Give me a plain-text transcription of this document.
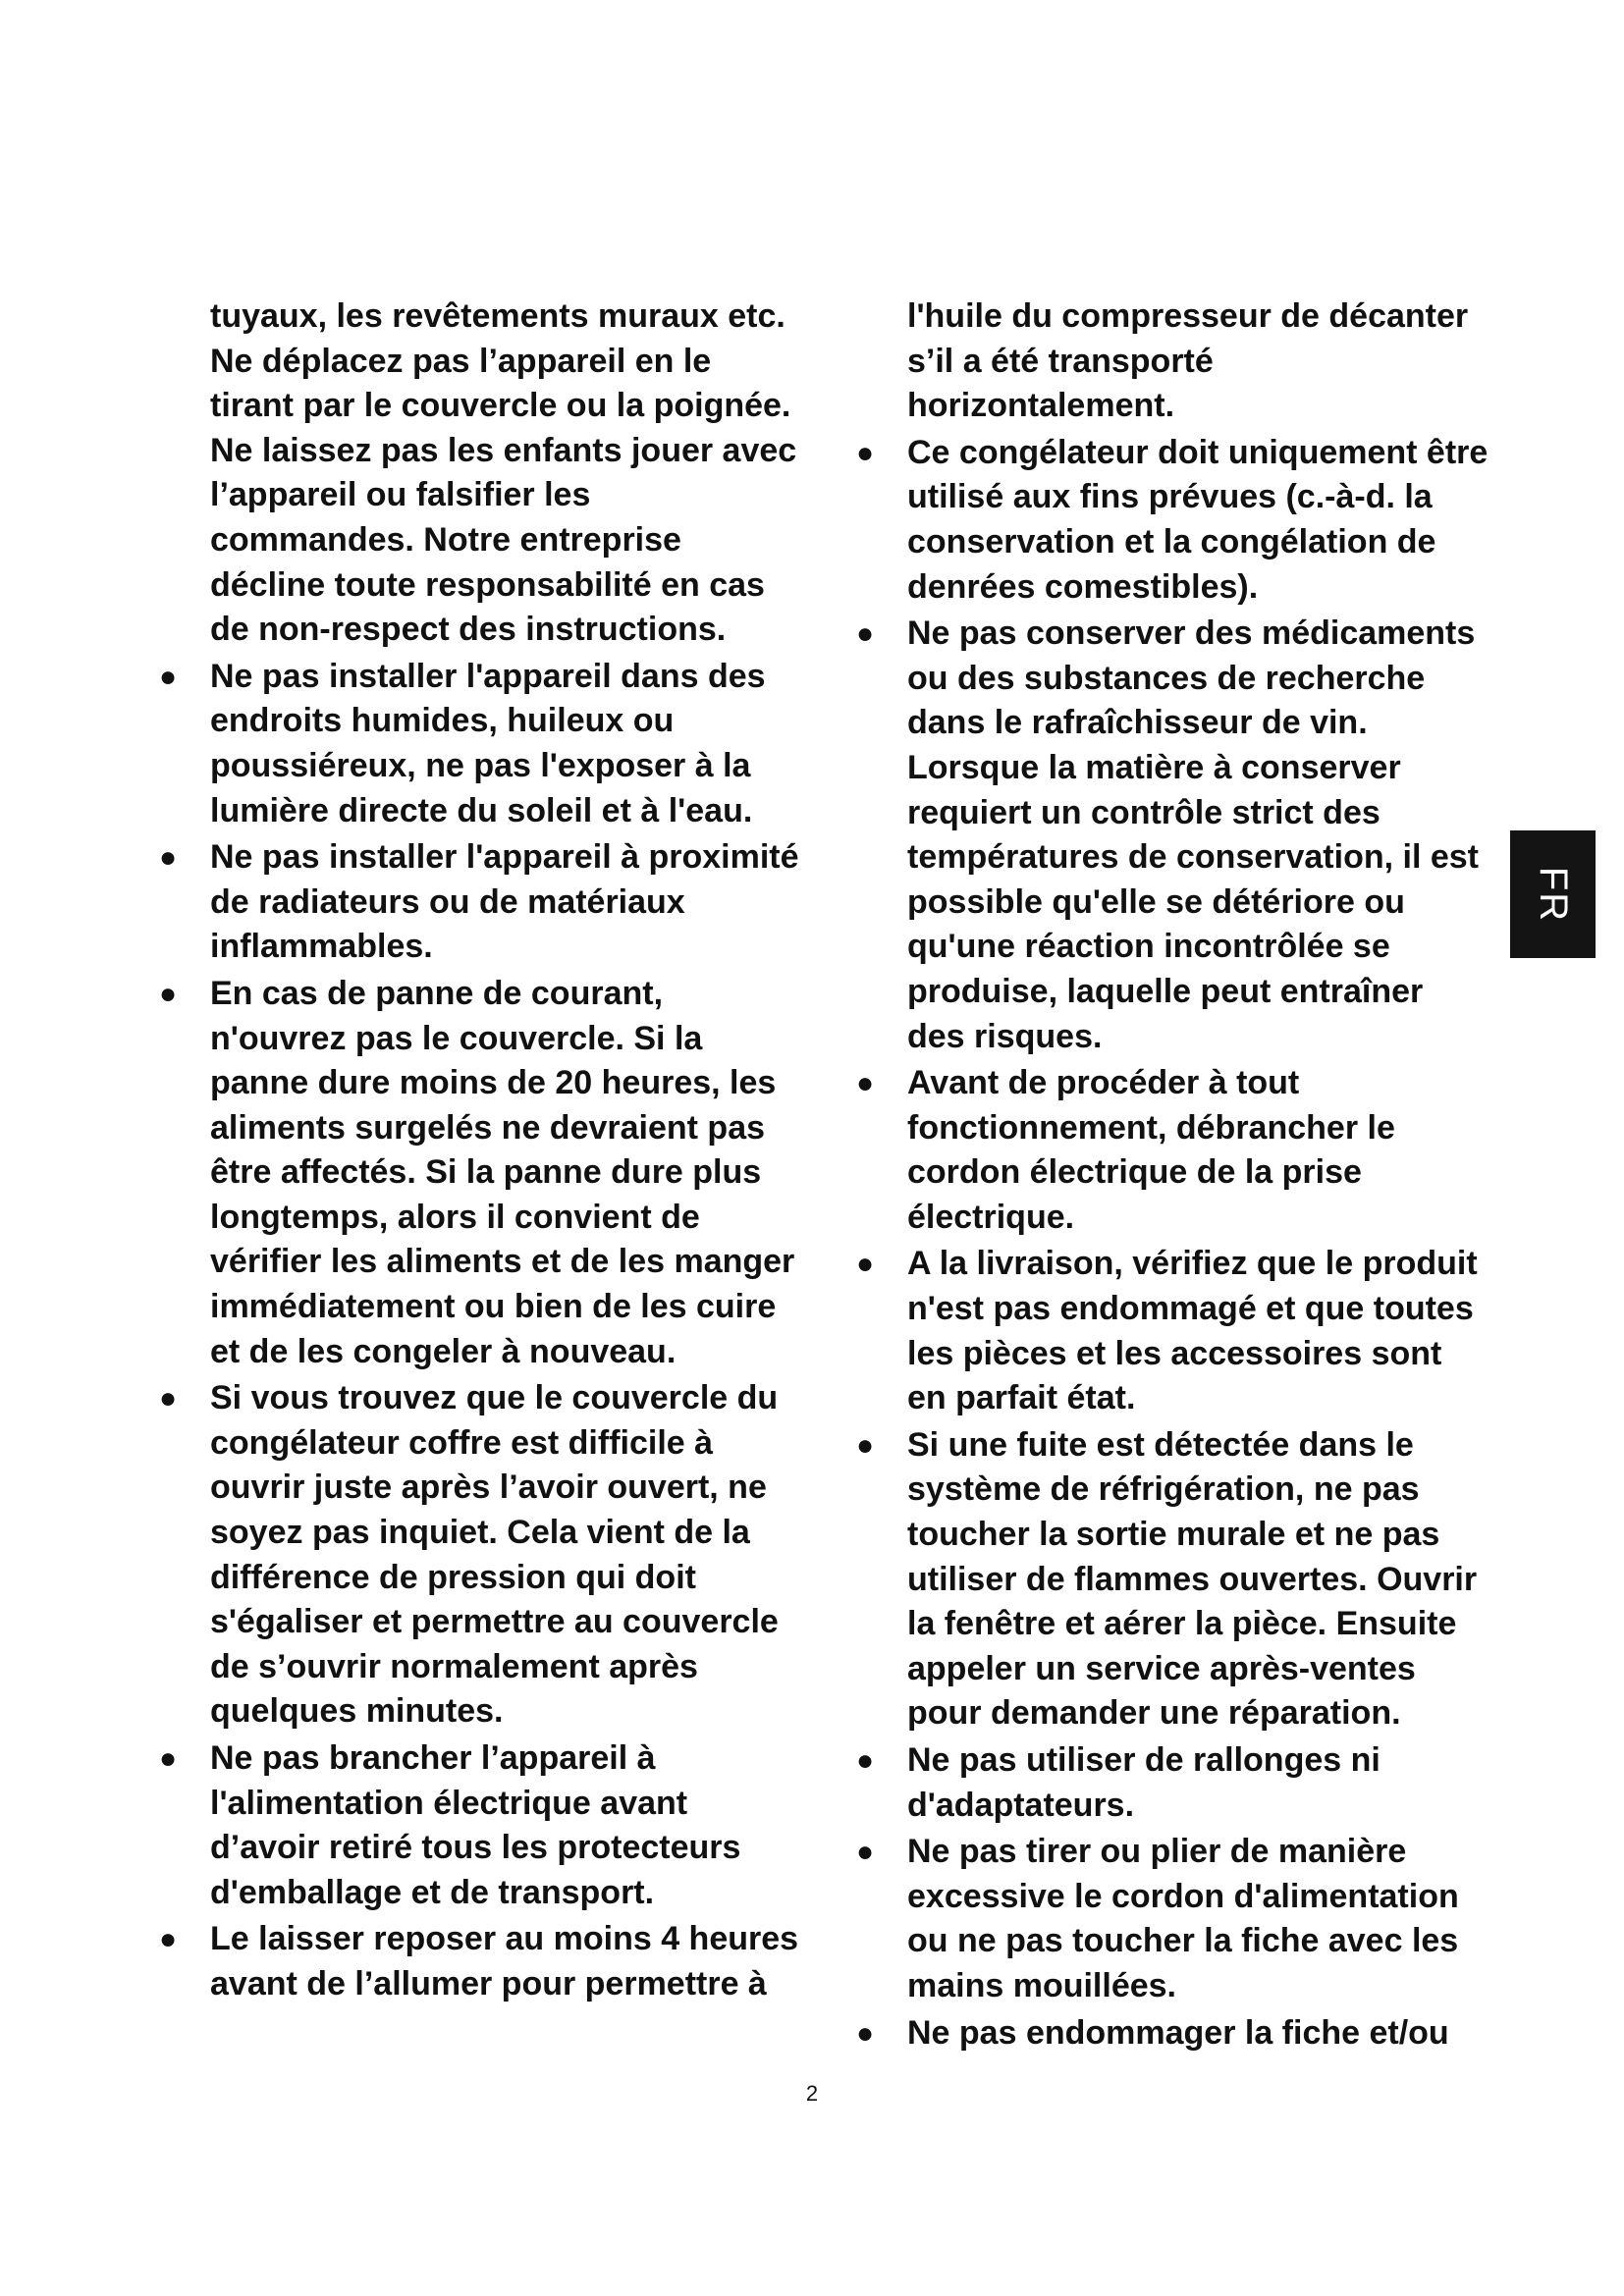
tuyaux, les revêtements muraux etc. Ne déplacez pas l’appareil en le tirant par le couvercle ou la poignée. Ne laissez pas les enfants jouer avec l’appareil ou falsifier les commandes. Notre entreprise décline toute responsabilité en cas de non-respect des instructions.

● Ne pas installer l'appareil dans des endroits humides, huileux ou poussiéreux, ne pas l'exposer à la lumière directe du soleil et à l'eau.
● Ne pas installer l'appareil à proximité de radiateurs ou de matériaux inflammables.
● En cas de panne de courant, n'ouvrez pas le couvercle. Si la panne dure moins de 20 heures, les aliments surgelés ne devraient pas être affectés. Si la panne dure plus longtemps, alors il convient de vérifier les aliments et de les manger immédiatement ou bien de les cuire et de les congeler à nouveau.
● Si vous trouvez que le couvercle du congélateur coffre est difficile à ouvrir juste après l’avoir ouvert, ne soyez pas inquiet. Cela vient de la différence de pression qui doit s'égaliser et permettre au couvercle de s’ouvrir normalement après quelques minutes.
● Ne pas brancher l’appareil à l'alimentation électrique avant d’avoir retiré tous les protecteurs d'emballage et de transport.
● Le laisser reposer au moins 4 heures avant de l’allumer pour permettre à

l'huile du compresseur de décanter s’il a été transporté horizontalement.

● Ce congélateur doit uniquement être utilisé aux fins prévues (c.-à-d. la conservation et la congélation de denrées comestibles).
● Ne pas conserver des médicaments ou des substances de recherche dans le rafraîchisseur de vin. Lorsque la matière à conserver requiert un contrôle strict des températures de conservation, il est possible qu'elle se détériore ou qu'une réaction incontrôlée se produise, laquelle peut entraîner des risques.
● Avant de procéder à tout fonctionnement, débrancher le cordon électrique de la prise électrique.
● A la livraison, vérifiez que le produit n'est pas endommagé et que toutes les pièces et les accessoires sont en parfait état.
● Si une fuite est détectée dans le système de réfrigération, ne pas toucher la sortie murale et ne pas utiliser de flammes ouvertes. Ouvrir la fenêtre et aérer la pièce. Ensuite appeler un service après-ventes pour demander une réparation.
● Ne pas utiliser de rallonges ni d'adaptateurs.
● Ne pas tirer ou plier de manière excessive le cordon d'alimentation ou ne pas toucher la fiche avec les mains mouillées.
● Ne pas endommager la fiche et/ou
FR
2
